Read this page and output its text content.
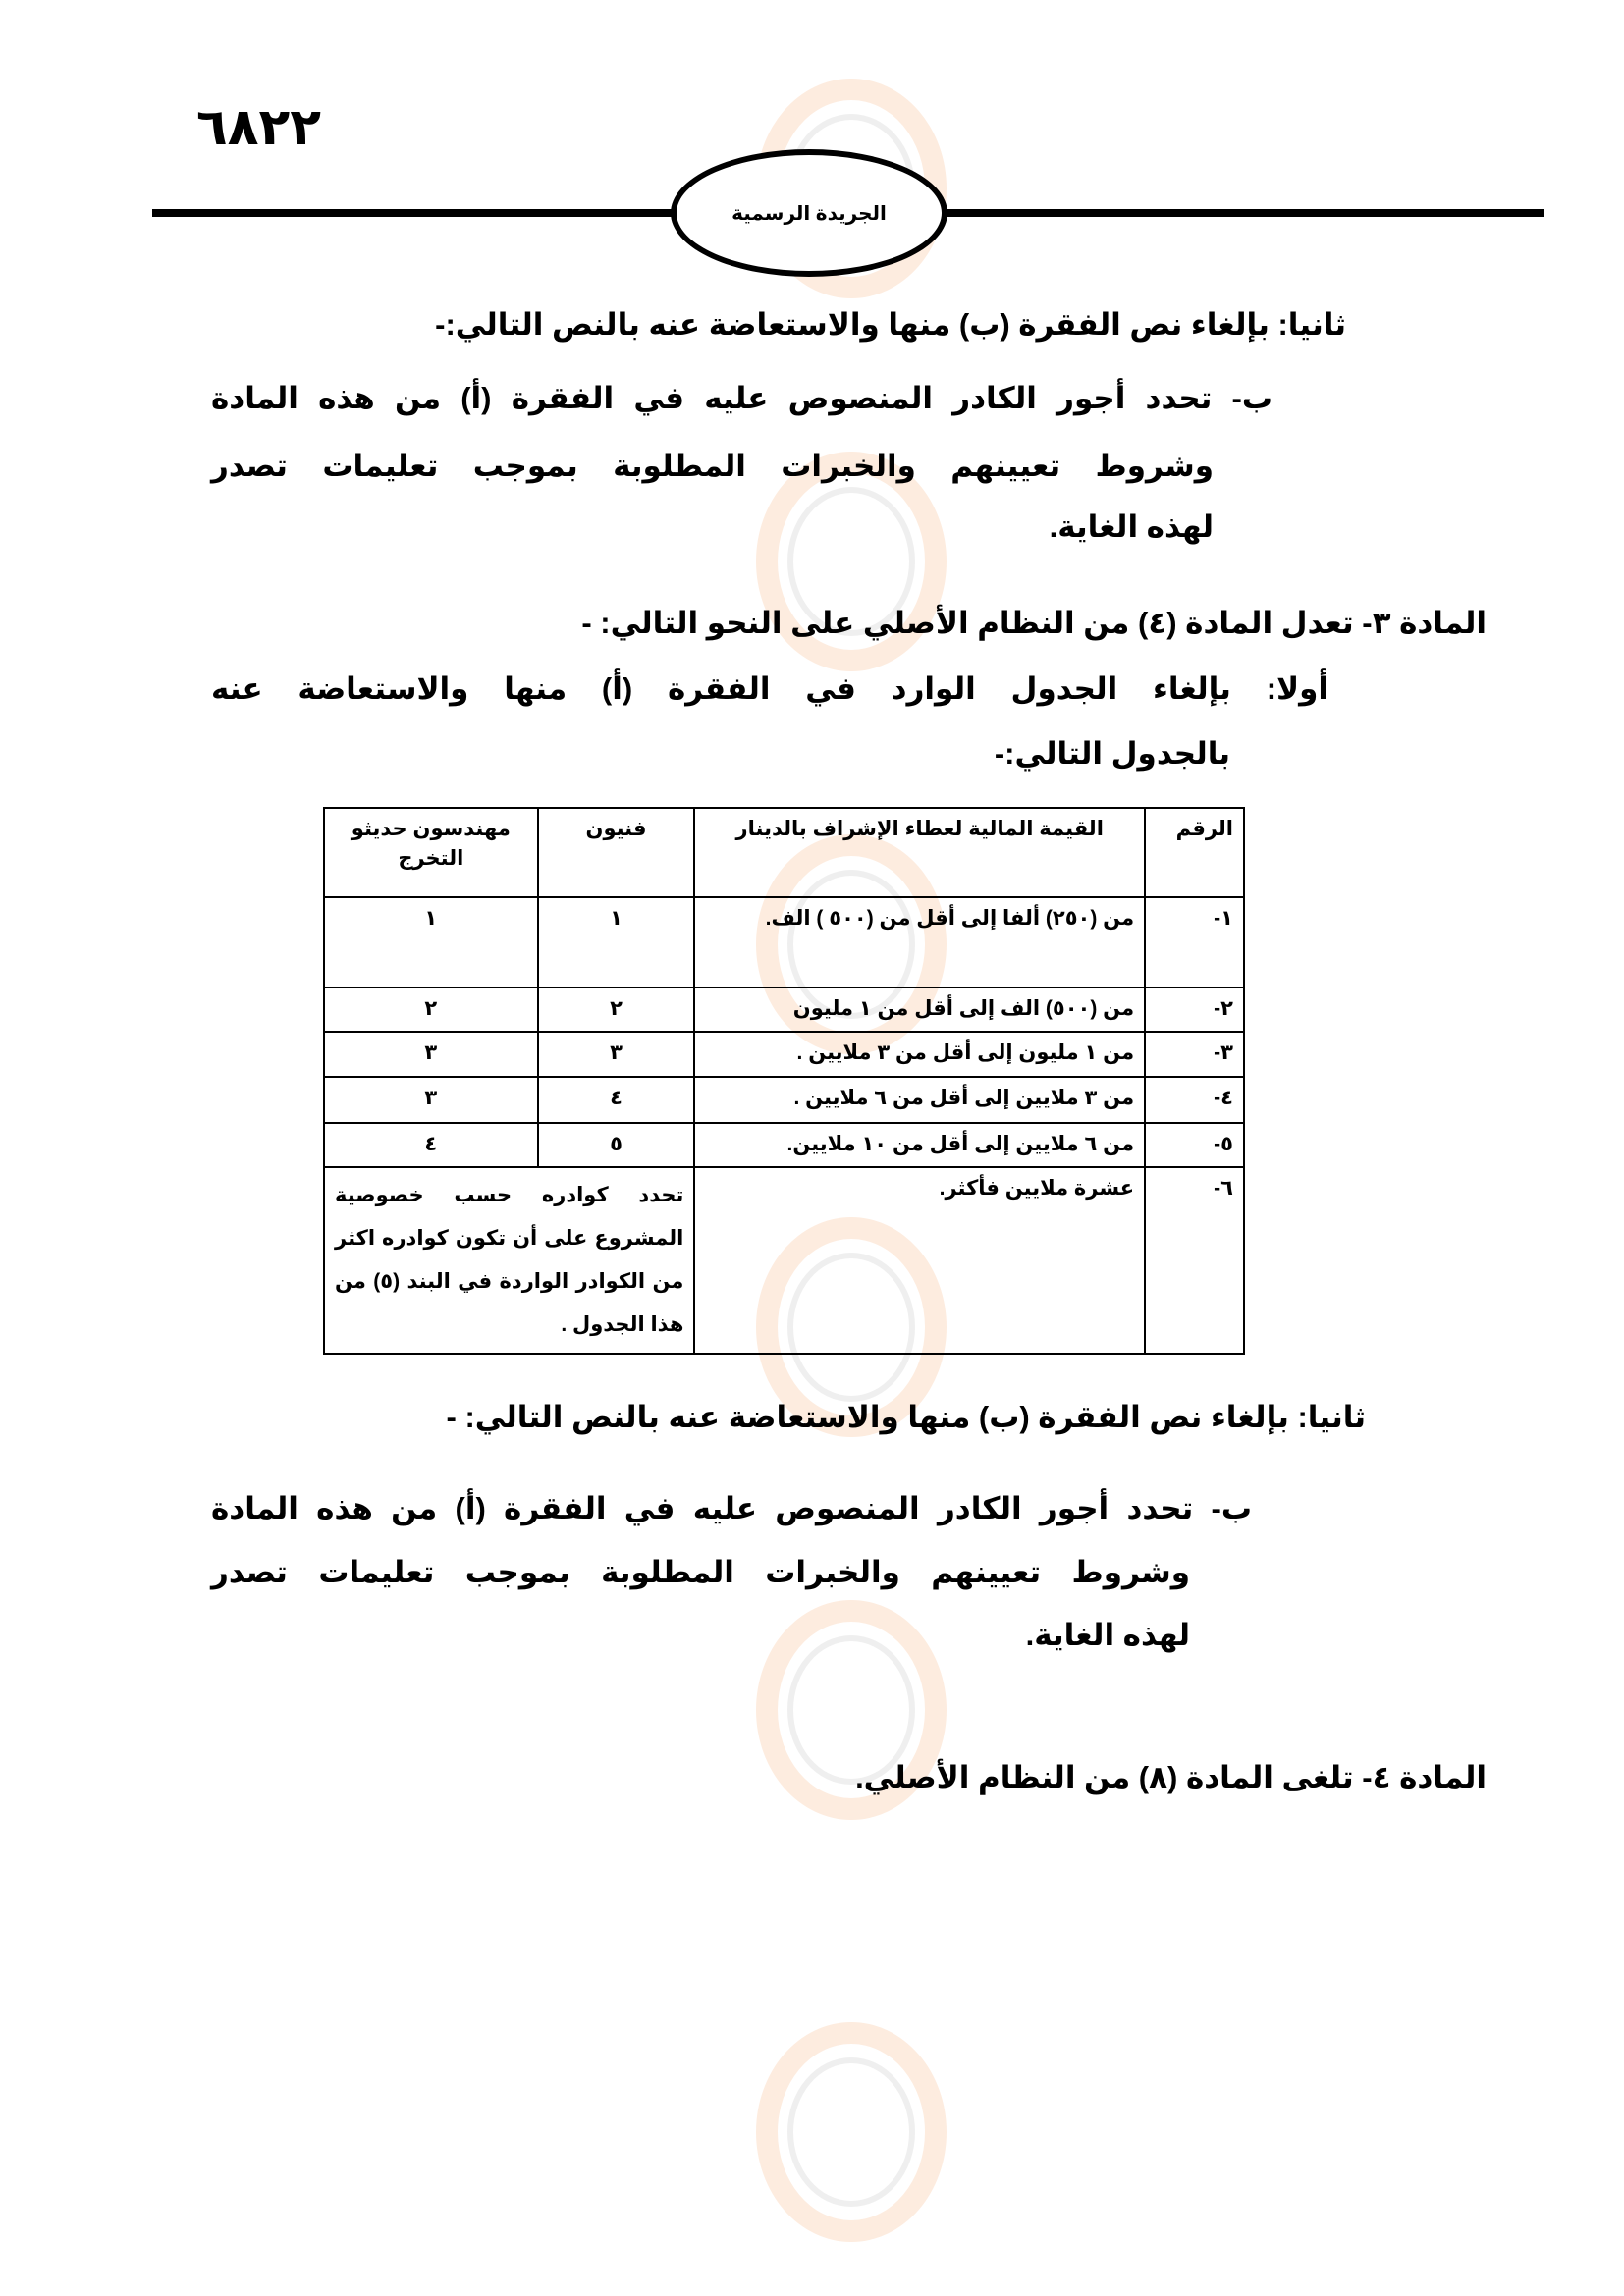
٦٨٢٢
الجريدة الرسمية
ثانيا: بإلغاء نص الفقرة (ب) منها والاستعاضة عنه بالنص التالي:-
ب- تحدد أجور الكادر المنصوص عليه في الفقرة (أ) من هذه المادة
وشروط تعيينهم والخبرات المطلوبة بموجب تعليمات تصدر
لهذه الغاية.
المادة ٣- تعدل المادة (٤) من النظام الأصلي على النحو التالي: -
أولا: بإلغاء الجدول الوارد في الفقرة (أ) منها والاستعاضة عنه
بالجدول التالي:-
الرقم	القيمة المالية لعطاء الإشراف بالدينار	فنيون	مهندسون حديثو التخرج
١-	من (٢٥٠) ألفا إلى أقل من (٥٠٠ ) الف.	١	١
٢-	من (٥٠٠) الف إلى أقل من ١ مليون	٢	٢
٣-	من ١ مليون إلى أقل من ٣ ملايين .	٣	٣
٤-	من ٣ ملايين إلى أقل من ٦ ملايين .	٤	٣
٥-	من ٦ ملايين إلى أقل من ١٠ ملايين.	٥	٤
٦-	عشرة ملايين فأكثر.	تحدد كوادره حسب خصوصية المشروع على أن تكون كوادره اكثر من الكوادر الواردة في البند (٥) من هذا الجدول .	
ثانيا: بإلغاء نص الفقرة (ب) منها والاستعاضة عنه بالنص التالي: -
ب- تحدد أجور الكادر المنصوص عليه في الفقرة (أ) من هذه المادة
وشروط تعيينهم والخبرات المطلوبة بموجب تعليمات تصدر
لهذه الغاية.
المادة ٤- تلغى المادة (٨) من النظام الأصلي.
